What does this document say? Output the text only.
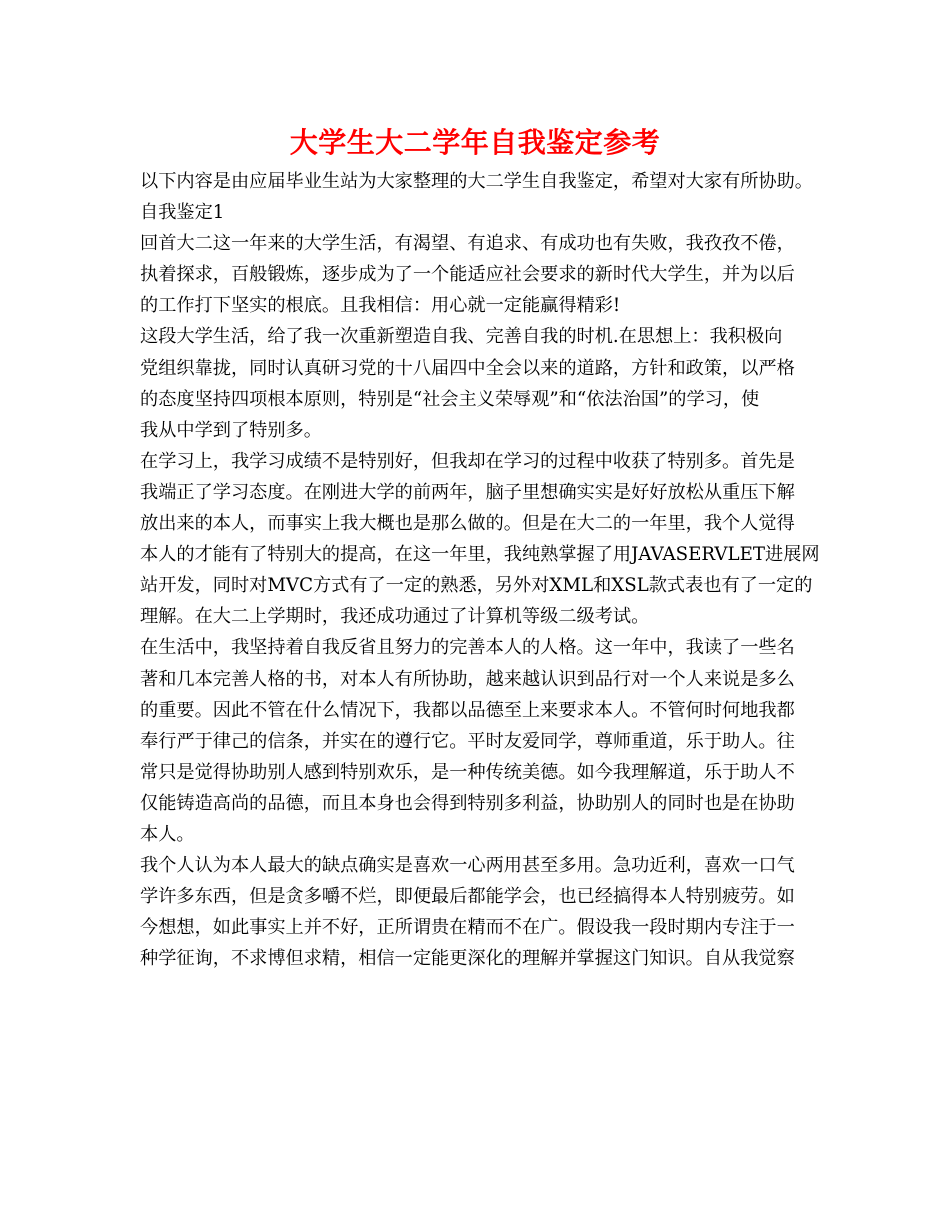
大学生大二学年自我鉴定参考
以下内容是由应届毕业生站为大家整理的大二学生自我鉴定，希望对大家有所协助。
自我鉴定1
回首大二这一年来的大学生活，有渴望、有追求、有成功也有失败，我孜孜不倦，
执着探求，百般锻炼，逐步成为了一个能适应社会要求的新时代大学生，并为以后
的工作打下坚实的根底。且我相信：用心就一定能赢得精彩!
这段大学生活，给了我一次重新塑造自我、完善自我的时机.在思想上：我积极向
党组织靠拢，同时认真研习党的十八届四中全会以来的道路，方针和政策，以严格
的态度坚持四项根本原则，特别是“社会主义荣辱观”和“依法治国”的学习，使
我从中学到了特别多。
在学习上，我学习成绩不是特别好，但我却在学习的过程中收获了特别多。首先是
我端正了学习态度。在刚进大学的前两年，脑子里想确实实是好好放松从重压下解
放出来的本人，而事实上我大概也是那么做的。但是在大二的一年里，我个人觉得
本人的才能有了特别大的提高，在这一年里，我纯熟掌握了用JAVASERVLET进展网
站开发，同时对MVC方式有了一定的熟悉，另外对XML和XSL款式表也有了一定的
理解。在大二上学期时，我还成功通过了计算机等级二级考试。
在生活中，我坚持着自我反省且努力的完善本人的人格。这一年中，我读了一些名
著和几本完善人格的书，对本人有所协助，越来越认识到品行对一个人来说是多么
的重要。因此不管在什么情况下，我都以品德至上来要求本人。不管何时何地我都
奉行严于律己的信条，并实在的遵行它。平时友爱同学，尊师重道，乐于助人。往
常只是觉得协助别人感到特别欢乐，是一种传统美德。如今我理解道，乐于助人不
仅能铸造高尚的品德，而且本身也会得到特别多利益，协助别人的同时也是在协助
本人。
我个人认为本人最大的缺点确实是喜欢一心两用甚至多用。急功近利，喜欢一口气
学许多东西，但是贪多嚼不烂，即便最后都能学会，也已经搞得本人特别疲劳。如
今想想，如此事实上并不好，正所谓贵在精而不在广。假设我一段时期内专注于一
种学征询，不求博但求精，相信一定能更深化的理解并掌握这门知识。自从我觉察
